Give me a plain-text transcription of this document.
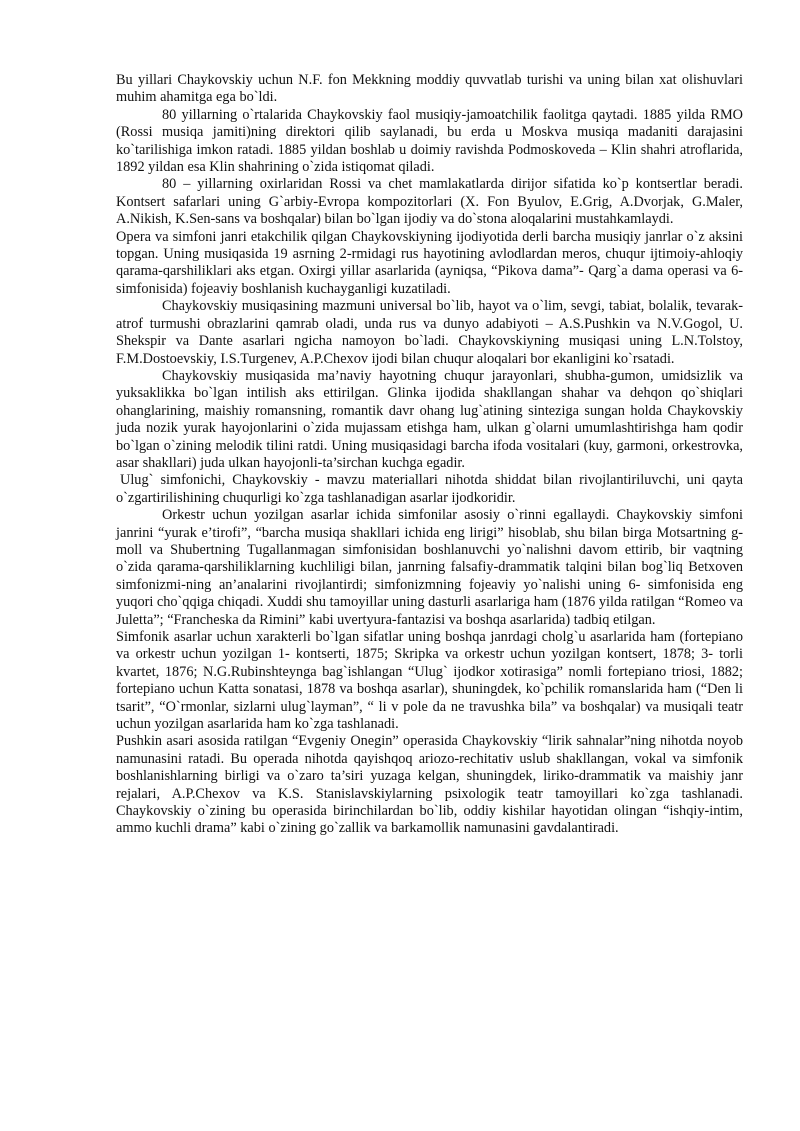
Bu yillari Chaykovskiy uchun N.F. fon Mekkning moddiy quvvatlab turishi va uning bilan xat olishuvlari muhim ahamitga ega bo`ldi.

80 yillarning o`rtalarida Chaykovskiy faol musiqiy-jamoatchilik faolitga qaytadi. 1885 yilda RMO (Rossi musiqa jamiti)ning direktori qilib saylanadi, bu erda u Moskva musiqa madaniti darajasini ko`tarilishiga imkon ratadi. 1885 yildan boshlab u doimiy ravishda Podmoskoveda – Klin shahri atroflarida, 1892 yildan esa Klin shahrining o`zida istiqomat qiladi.

80 – yillarning oxirlaridan Rossi va chet mamlakatlarda dirijor sifatida ko`p kontsertlar beradi. Kontsert safarlari uning G`arbiy-Evropa kompozitorlari (X. Fon Byulov, E.Grig, A.Dvorjak, G.Maler, A.Nikish, K.Sen-sans va boshqalar) bilan bo`lgan ijodiy va do`stona aloqalarini mustahkamlaydi.

Opera va simfoni janri etakchilik qilgan Chaykovskiyning ijodiyotida derli barcha musiqiy janrlar o`z aksini topgan. Uning musiqasida 19 asrning 2-rmidagi rus hayotining avlodlardan meros, chuqur ijtimoiy-ahloqiy qarama-qarshiliklari aks etgan. Oxirgi yillar asarlarida (ayniqsa, “Pikova dama”- Qarg`a dama operasi va 6-simfonisida) fojeaviy boshlanish kuchayganligi kuzatiladi.

Chaykovskiy musiqasining mazmuni universal bo`lib, hayot va o`lim, sevgi, tabiat, bolalik, tevarak-atrof turmushi obrazlarini qamrab oladi, unda rus va dunyo adabiyoti – A.S.Pushkin va N.V.Gogol, U. Shekspir va Dante asarlari ngicha namoyon bo`ladi. Chaykovskiyning musiqasi uning L.N.Tolstoy, F.M.Dostoevskiy, I.S.Turgenev, A.P.Chexov ijodi bilan chuqur aloqalari bor ekanligini ko`rsatadi.

Chaykovskiy musiqasida ma’naviy hayotning chuqur jarayonlari, shubha-gumon, umidsizlik va yuksaklikka bo`lgan intilish aks ettirilgan. Glinka ijodida shakllangan shahar va dehqon qo`shiqlari ohanglarining, maishiy romansning, romantik davr ohang lug`atining sinteziga sungan holda Chaykovskiy juda nozik yurak hayojonlarini o`zida mujassam etishga ham, ulkan g`olarni umumlashtirishga ham qodir bo`lgan o`zining melodik tilini ratdi. Uning musiqasidagi barcha ifoda vositalari (kuy, garmoni, orkestrovka, asar shakllari) juda ulkan hayojonli-ta’sirchan kuchga egadir.

Ulug` simfonichi, Chaykovskiy - mavzu materiallari nihotda shiddat bilan rivojlantiriluvchi, uni qayta o`zgartirilishining chuqurligi ko`zga tashlanadigan asarlar ijodkoridir.

Orkestr uchun yozilgan asarlar ichida simfonilar asosiy o`rinni egallaydi. Chaykovskiy simfoni janrini “yurak e’tirofi”, “barcha musiqa shakllari ichida eng lirigi” hisoblab, shu bilan birga Motsartning g-moll va Shubertning Tugallanmagan simfonisidan boshlanuvchi yo`nalishni davom ettirib, bir vaqtning o`zida qarama-qarshiliklarning kuchliligi bilan, janrning falsafiy-drammatik talqini bilan bog`liq Betxoven simfonizmi-ning an’analarini rivojlantirdi; simfonizmning fojeaviy yo`nalishi uning 6- simfonisida eng yuqori cho`qqiga chiqadi. Xuddi shu tamoyillar uning dasturli asarlariga ham (1876 yilda ratilgan “Romeo va Juletta”; “Francheska da Rimini” kabi uvertyura-fantazisi va boshqa asarlarida) tadbiq etilgan.

Simfonik asarlar uchun xarakterli bo`lgan sifatlar uning boshqa janrdagi cholg`u asarlarida ham (fortepiano va orkestr uchun yozilgan 1- kontserti, 1875; Skripka va orkestr uchun yozilgan kontsert, 1878; 3- torli kvartet, 1876; N.G.Rubinshteynga bag`ishlangan “Ulug` ijodkor xotirasiga” nomli fortepiano triosi, 1882; fortepiano uchun Katta sonatasi, 1878 va boshqa asarlar), shuningdek, ko`pchilik romanslarida ham (“Den li tsarit”, “O`rmonlar, sizlarni ulug`layman”, “ li v pole da ne travushka bila” va boshqalar) va musiqali teatr uchun yozilgan asarlarida ham ko`zga tashlanadi.

Pushkin asari asosida ratilgan “Evgeniy Onegin” operasida Chaykovskiy “lirik sahnalar”ning nihotda noyob namunasini ratadi. Bu operada nihotda qayishqoq ariozo-rechitativ uslub shakllangan, vokal va simfonik boshlanishlarning birligi va o`zaro ta’siri yuzaga kelgan, shuningdek, liriko-drammatik va maishiy janr rejalari, A.P.Chexov va K.S. Stanislavskiylarning psixologik teatr tamoyillari ko`zga tashlanadi. Chaykovskiy o`zining bu operasida birinchilardan bo`lib, oddiy kishilar hayotidan olingan “ishqiy-intim, ammo kuchli drama” kabi o`zining go`zallik va barkamollik namunasini gavdalantiradi.
